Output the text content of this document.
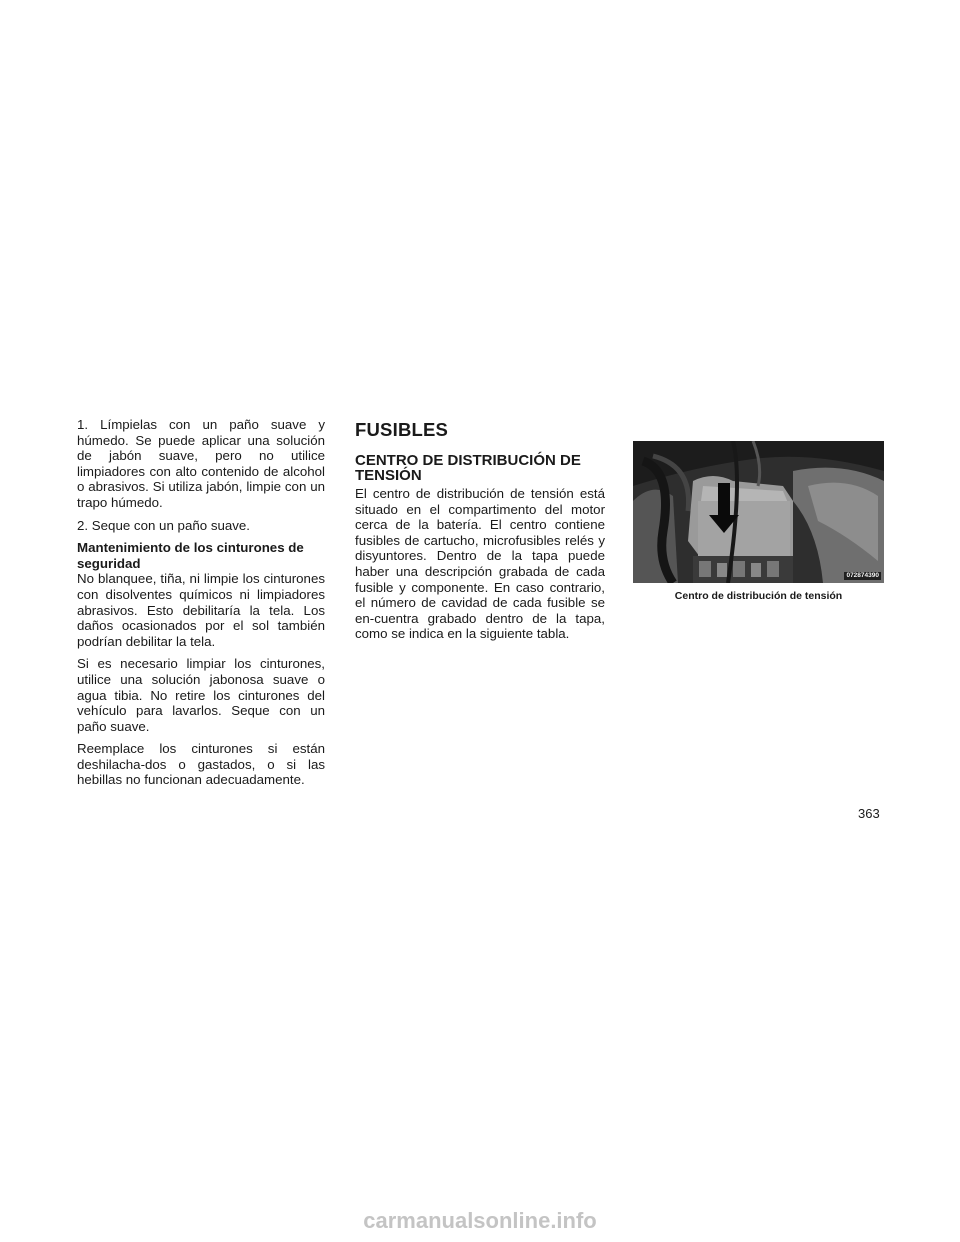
1. Límpielas con un paño suave y húmedo. Se puede aplicar una solución de jabón suave, pero no utilice limpiadores con alto contenido de alcohol o abrasivos. Si utiliza jabón, limpie con un trapo húmedo.

2. Seque con un paño suave.

Mantenimiento de los cinturones de seguridad

No blanquee, tiña, ni limpie los cinturones con disolventes químicos ni limpiadores abrasivos. Esto debilitaría la tela. Los daños ocasionados por el sol también podrían debilitar la tela.

Si es necesario limpiar los cinturones, utilice una solución jabonosa suave o agua tibia. No retire los cinturones del vehículo para lavarlos. Seque con un paño suave.

Reemplace los cinturones si están deshilacha-dos o gastados, o si las hebillas no funcionan adecuadamente.

FUSIBLES
CENTRO DE DISTRIBUCIÓN DE TENSIÓN

El centro de distribución de tensión está situado en el compartimento del motor cerca de la batería. El centro contiene fusibles de cartucho, microfusibles relés y disyuntores. Dentro de la tapa puede haber una descripción grabada de cada fusible y componente. En caso contrario, el número de cavidad de cada fusible se en-cuentra grabado dentro de la tapa, como se indica en la siguiente tabla.

0728743​90
Centro de distribución de tensión
363
carmanualsonline.info
